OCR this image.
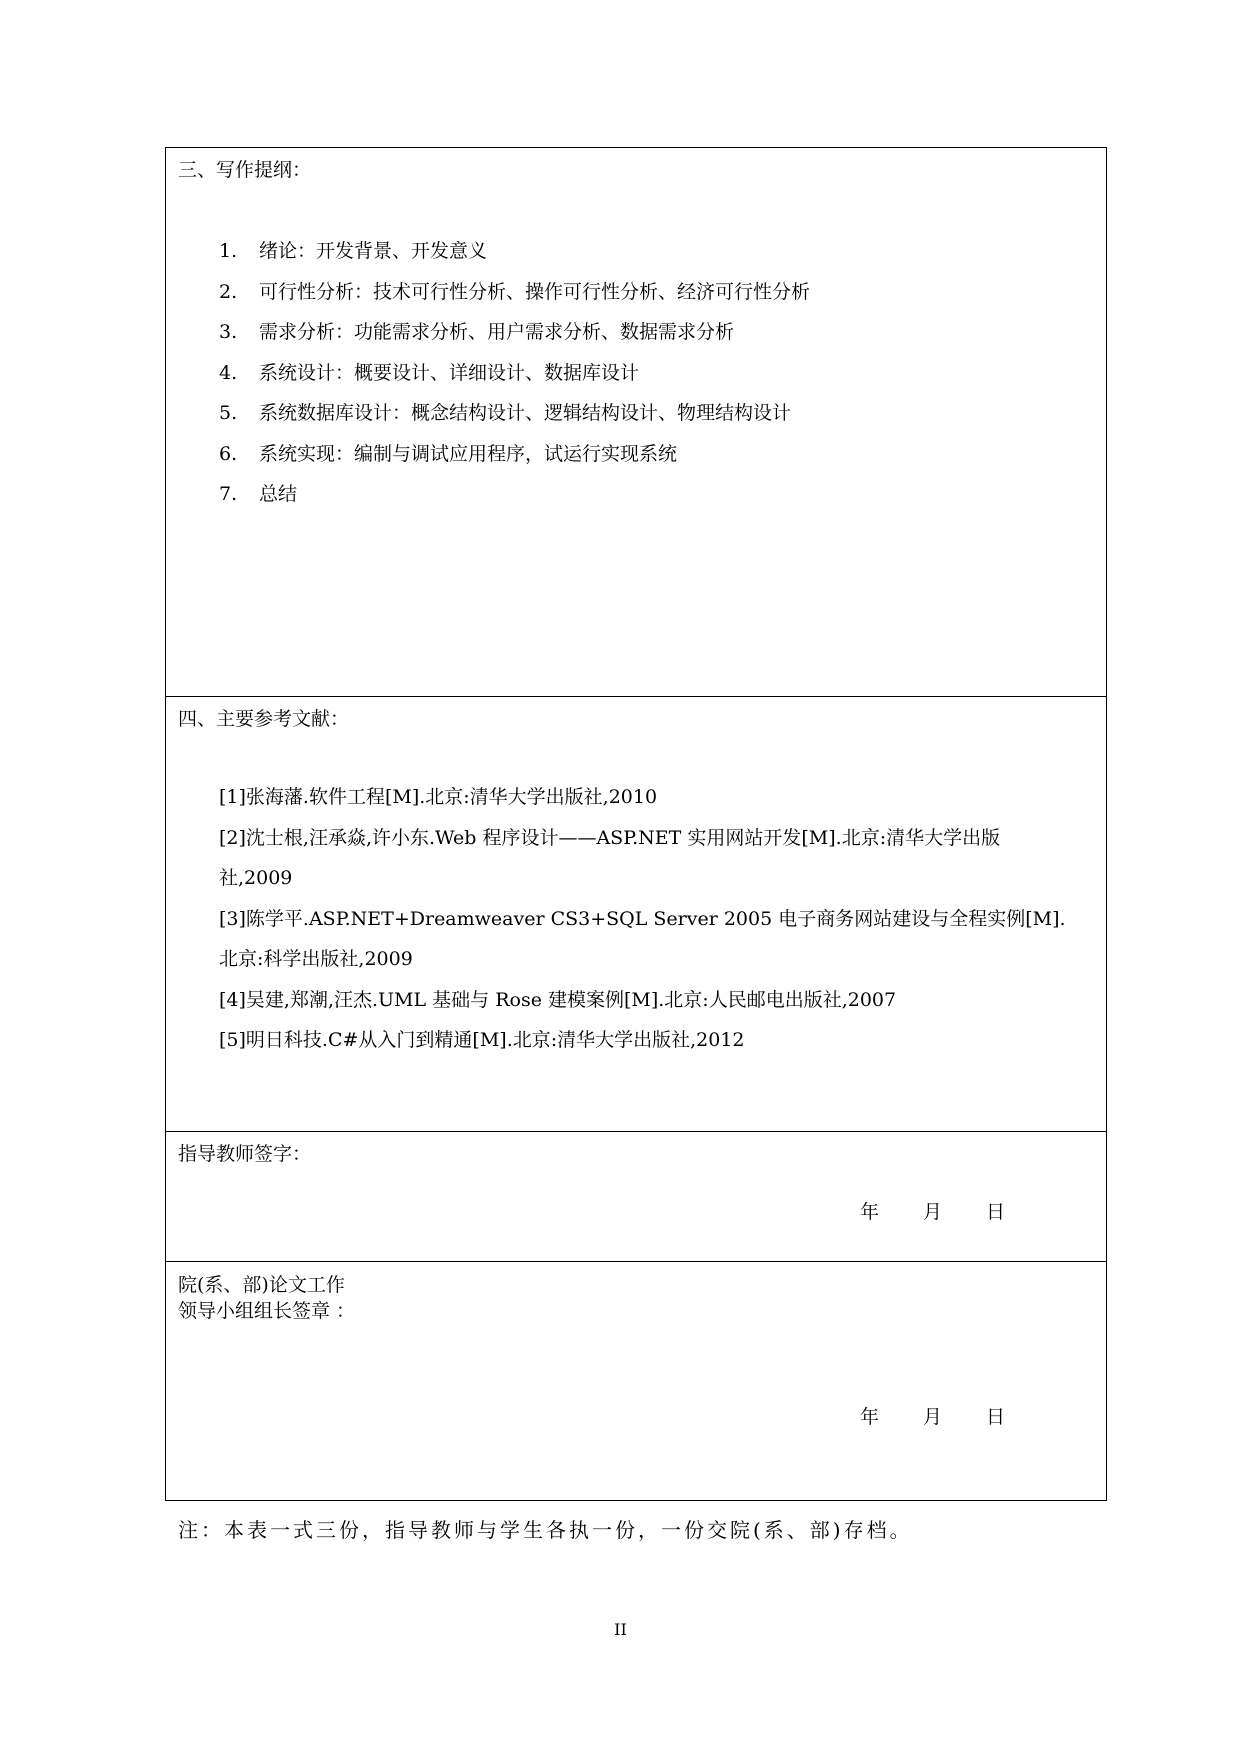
三、写作提纲：
1. 绪论：开发背景、开发意义
2. 可行性分析：技术可行性分析、操作可行性分析、经济可行性分析
3. 需求分析：功能需求分析、用户需求分析、数据需求分析
4. 系统设计：概要设计、详细设计、数据库设计
5. 系统数据库设计：概念结构设计、逻辑结构设计、物理结构设计
6. 系统实现：编制与调试应用程序，试运行实现系统
7. 总结
四、主要参考文献：
[1]张海藩.软件工程[M].北京:清华大学出版社,2010
[2]沈士根,汪承焱,许小东.Web 程序设计——ASP.NET 实用网站开发[M].北京:清华大学出版社,2009
[3]陈学平.ASP.NET+Dreamweaver CS3+SQL Server 2005 电子商务网站建设与全程实例[M].北京:科学出版社,2009
[4]吴建,郑潮,汪杰.UML 基础与 Rose 建模案例[M].北京:人民邮电出版社,2007
[5]明日科技.C#从入门到精通[M].北京:清华大学出版社,2012
指导教师签字：
年 月 日
院(系、部)论文工作
领导小组组长签章 ：
年 月 日
注：本表一式三份，指导教师与学生各执一份，一份交院(系、部)存档。
II
